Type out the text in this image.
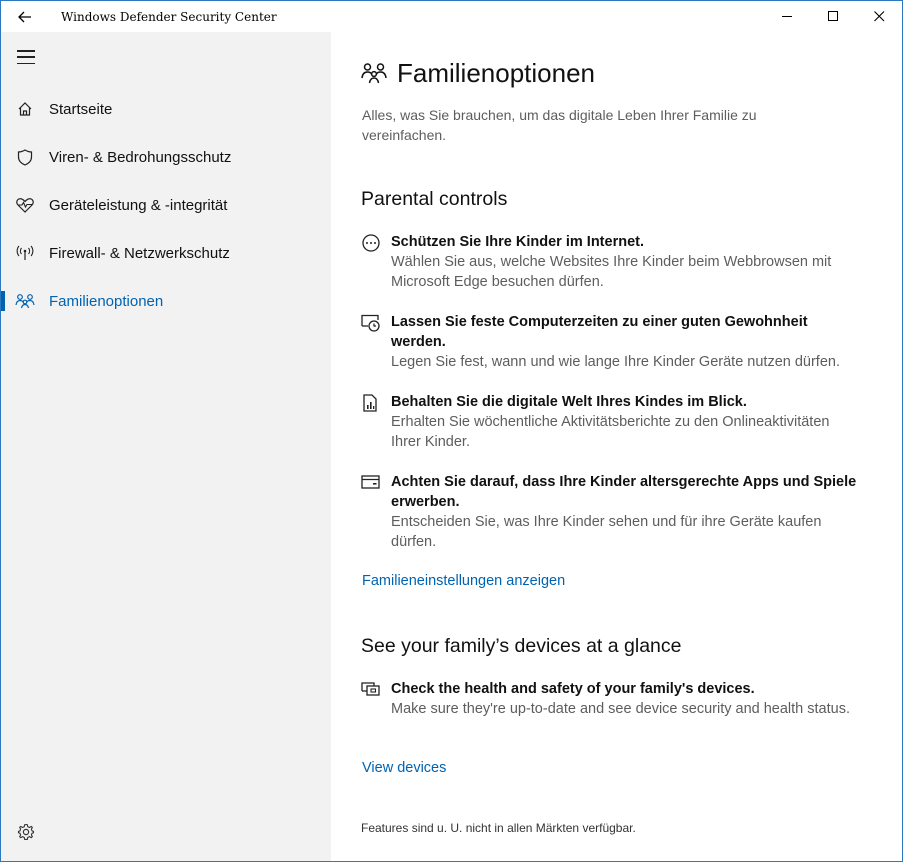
Windows Defender Security Center
Startseite
Viren- & Bedrohungsschutz
Geräteleistung & -integrität
Firewall- & Netzwerkschutz
Familienoptionen
Familienoptionen
Alles, was Sie brauchen, um das digitale Leben Ihrer Familie zu vereinfachen.
Parental controls
Schützen Sie Ihre Kinder im Internet.
Wählen Sie aus, welche Websites Ihre Kinder beim Webbrowsen mit Microsoft Edge besuchen dürfen.
Lassen Sie feste Computerzeiten zu einer guten Gewohnheit werden.
Legen Sie fest, wann und wie lange Ihre Kinder Geräte nutzen dürfen.
Behalten Sie die digitale Welt Ihres Kindes im Blick.
Erhalten Sie wöchentliche Aktivitätsberichte zu den Onlineaktivitäten Ihrer Kinder.
Achten Sie darauf, dass Ihre Kinder altersgerechte Apps und Spiele erwerben.
Entscheiden Sie, was Ihre Kinder sehen und für ihre Geräte kaufen dürfen.
Familieneinstellungen anzeigen
See your family’s devices at a glance
Check the health and safety of your family's devices.
Make sure they're up-to-date and see device security and health status.
View devices
Features sind u. U. nicht in allen Märkten verfügbar.
